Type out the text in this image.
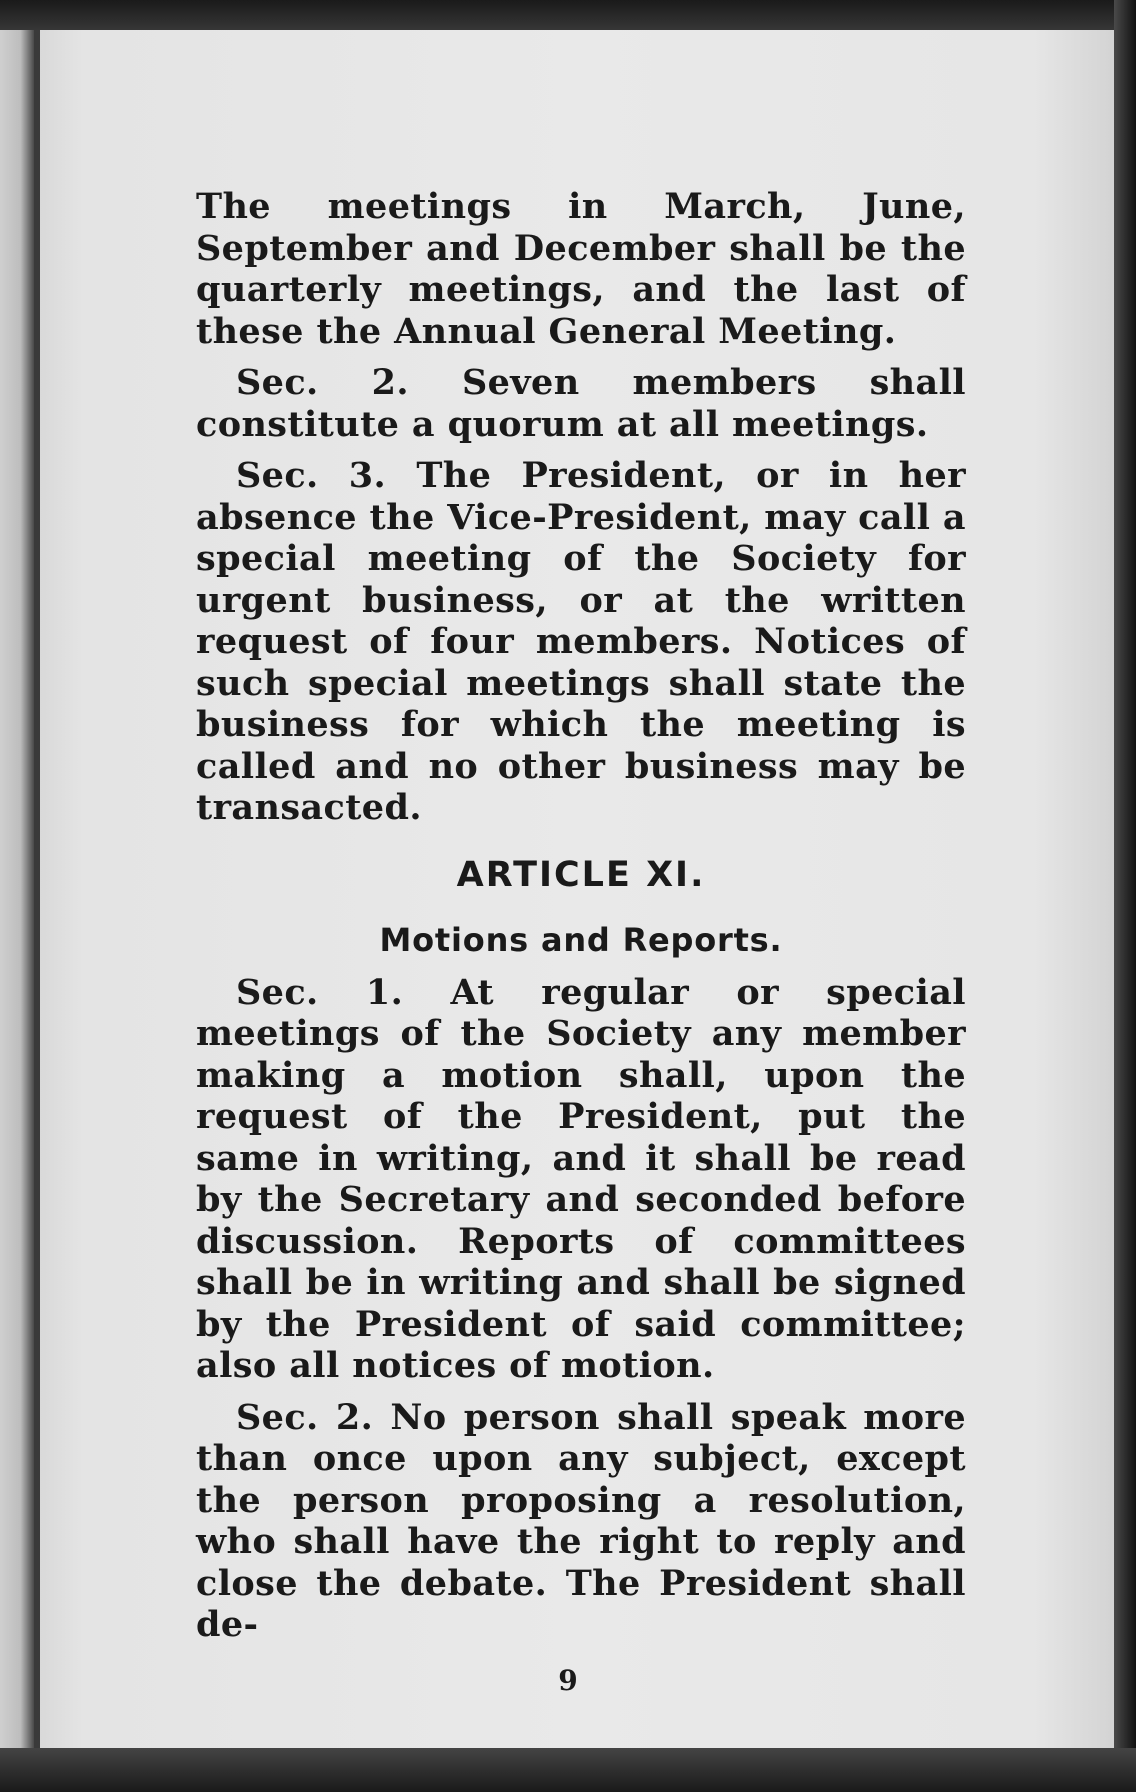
The meetings in March, June, September and December shall be the quarterly meetings, and the last of these the Annual General Meeting.

Sec. 2. Seven members shall constitute a quorum at all meetings.

Sec. 3. The President, or in her absence the Vice-President, may call a special meeting of the Society for urgent business, or at the written request of four members. Notices of such special meetings shall state the business for which the meeting is called and no other business may be transacted.

ARTICLE XI.
Motions and Reports.

Sec. 1. At regular or special meetings of the Society any member making a motion shall, upon the request of the President, put the same in writing, and it shall be read by the Secretary and seconded before discussion. Reports of committees shall be in writing and shall be signed by the President of said committee; also all notices of motion.

Sec. 2. No person shall speak more than once upon any subject, except the person proposing a resolution, who shall have the right to reply and close the debate. The President shall de-

9
